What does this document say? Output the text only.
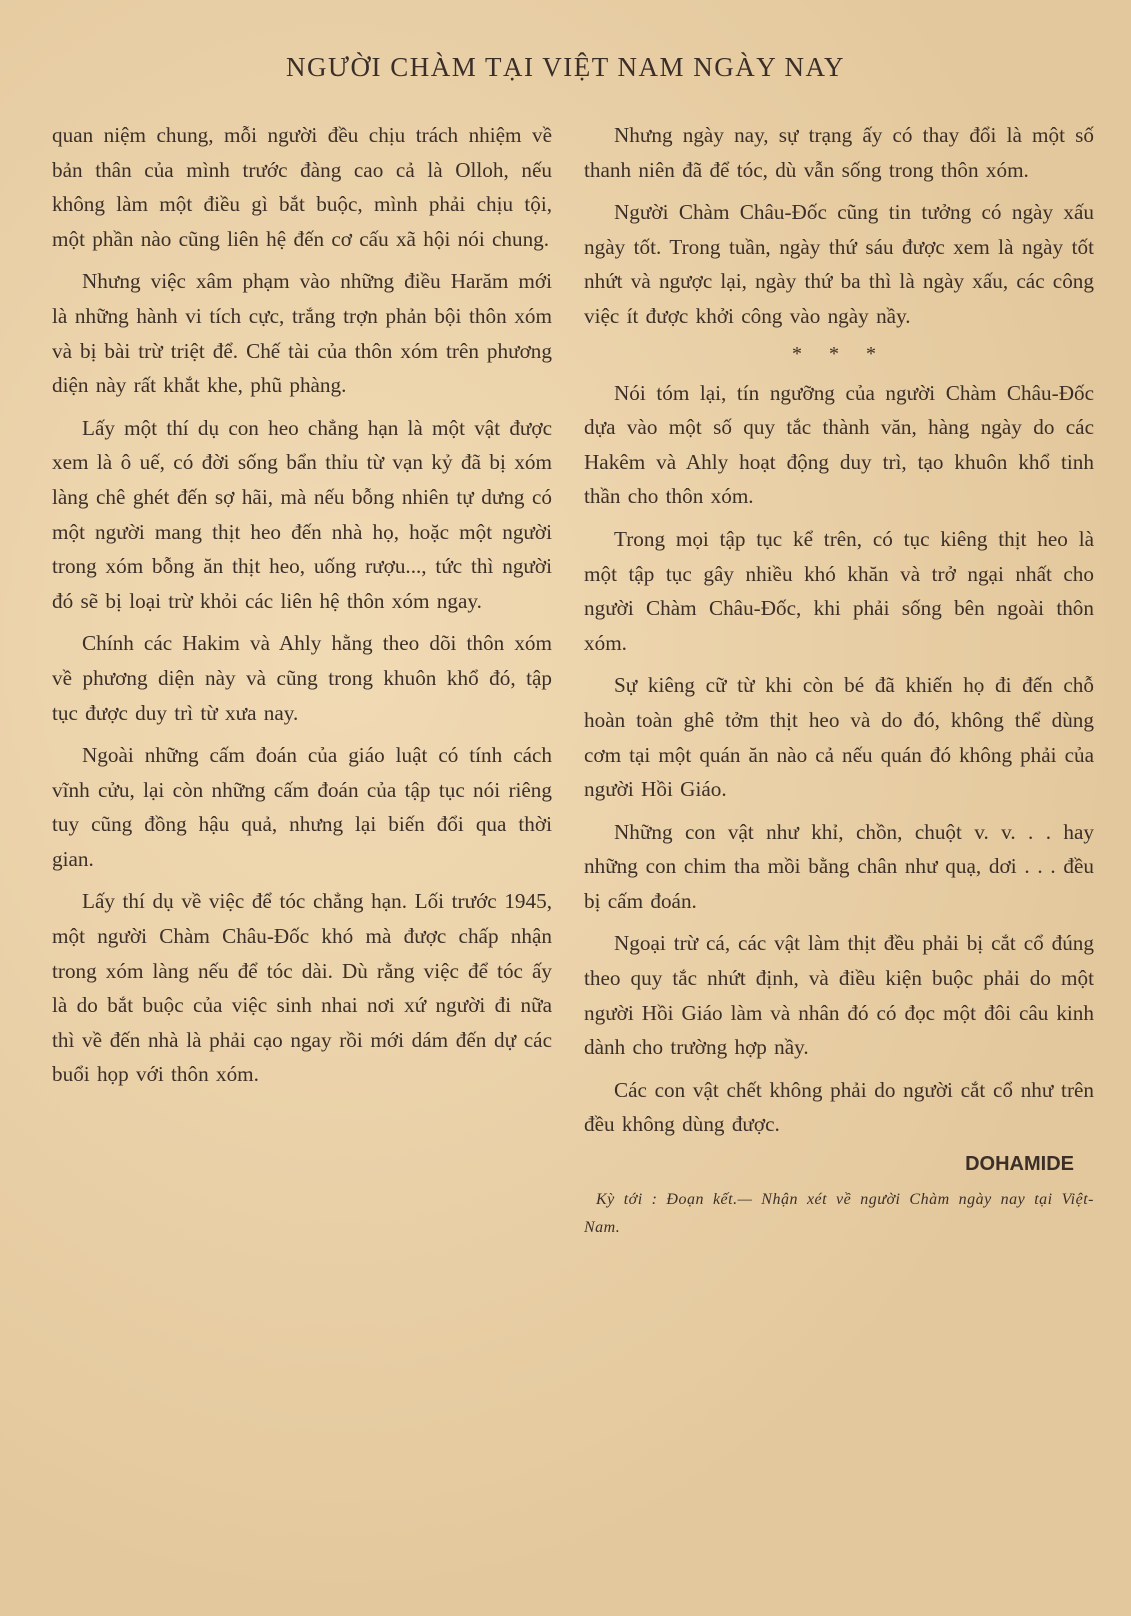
NGƯỜI CHÀM TẠI VIỆT NAM NGÀY NAY

quan niệm chung, mỗi người đều chịu trách nhiệm về bản thân của mình trước đàng cao cả là Olloh, nếu không làm một điều gì bắt buộc, mình phải chịu tội, một phần nào cũng liên hệ đến cơ cấu xã hội nói chung.

Nhưng việc xâm phạm vào những điều Harăm mới là những hành vi tích cực, trắng trợn phản bội thôn xóm và bị bài trừ triệt để. Chế tài của thôn xóm trên phương diện này rất khắt khe, phũ phàng.

Lấy một thí dụ con heo chẳng hạn là một vật được xem là ô uế, có đời sống bẩn thỉu từ vạn kỷ đã bị xóm làng chê ghét đến sợ hãi, mà nếu bỗng nhiên tự dưng có một người mang thịt heo đến nhà họ, hoặc một người trong xóm bỗng ăn thịt heo, uống rượu..., tức thì người đó sẽ bị loại trừ khỏi các liên hệ thôn xóm ngay.

Chính các Hakim và Ahly hằng theo dõi thôn xóm về phương diện này và cũng trong khuôn khổ đó, tập tục được duy trì từ xưa nay.

Ngoài những cấm đoán của giáo luật có tính cách vĩnh cửu, lại còn những cấm đoán của tập tục nói riêng tuy cũng đồng hậu quả, nhưng lại biến đổi qua thời gian.

Lấy thí dụ về việc để tóc chẳng hạn. Lối trước 1945, một người Chàm Châu-Đốc khó mà được chấp nhận trong xóm làng nếu để tóc dài. Dù rằng việc để tóc ấy là do bắt buộc của việc sinh nhai nơi xứ người đi nữa thì về đến nhà là phải cạo ngay rồi mới dám đến dự các buổi họp với thôn xóm.

Nhưng ngày nay, sự trạng ấy có thay đổi là một số thanh niên đã để tóc, dù vẫn sống trong thôn xóm.

Người Chàm Châu-Đốc cũng tin tưởng có ngày xấu ngày tốt. Trong tuần, ngày thứ sáu được xem là ngày tốt nhứt và ngược lại, ngày thứ ba thì là ngày xấu, các công việc ít được khởi công vào ngày nầy.

* * *

Nói tóm lại, tín ngưỡng của người Chàm Châu-Đốc dựa vào một số quy tắc thành văn, hàng ngày do các Hakêm và Ahly hoạt động duy trì, tạo khuôn khổ tinh thần cho thôn xóm.

Trong mọi tập tục kể trên, có tục kiêng thịt heo là một tập tục gây nhiều khó khăn và trở ngại nhất cho người Chàm Châu-Đốc, khi phải sống bên ngoài thôn xóm.

Sự kiêng cữ từ khi còn bé đã khiến họ đi đến chỗ hoàn toàn ghê tởm thịt heo và do đó, không thể dùng cơm tại một quán ăn nào cả nếu quán đó không phải của người Hồi Giáo.

Những con vật như khỉ, chồn, chuột v. v. . . hay những con chim tha mồi bằng chân như quạ, dơi . . . đều bị cấm đoán.

Ngoại trừ cá, các vật làm thịt đều phải bị cắt cổ đúng theo quy tắc nhứt định, và điều kiện buộc phải do một người Hồi Giáo làm và nhân đó có đọc một đôi câu kinh dành cho trường hợp nầy.

Các con vật chết không phải do người cắt cổ như trên đều không dùng được.

DOHAMIDE
Kỳ tới : Đoạn kết.— Nhận xét về người Chàm ngày nay tại Việt-Nam.
